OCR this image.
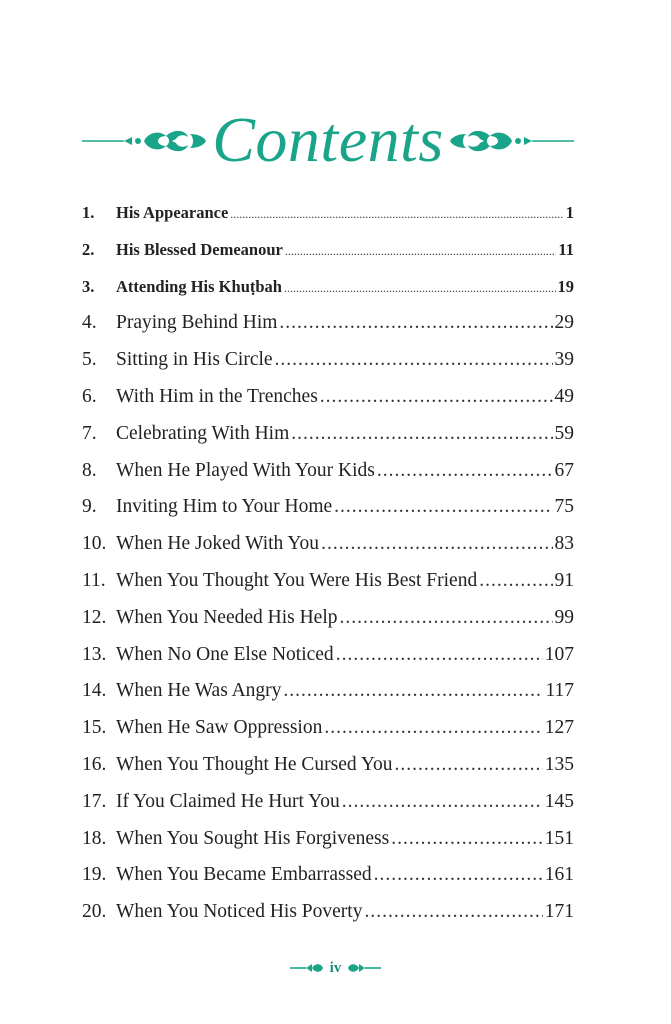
Contents
1.	His Appearance .....	1
2.	His Blessed Demeanour .....	11
3.	Attending His Khuṭbah .....	19
4. Praying Behind Him .....	29
5. Sitting in His Circle .....	39
6. With Him in the Trenches .....	49
7. Celebrating With Him .....	59
8. When He Played With Your Kids .....	67
9. Inviting Him to Your Home .....	75
10. When He Joked With You .....	83
11. When You Thought You Were His Best Friend .....	91
12. When You Needed His Help .....	99
13. When No One Else Noticed .....	107
14. When He Was Angry .....	117
15. When He Saw Oppression .....	127
16. When You Thought He Cursed You .....	135
17. If You Claimed He Hurt You .....	145
18. When You Sought His Forgiveness .....	151
19. When You Became Embarrassed .....	161
20. When You Noticed His Poverty .....	171
iv
